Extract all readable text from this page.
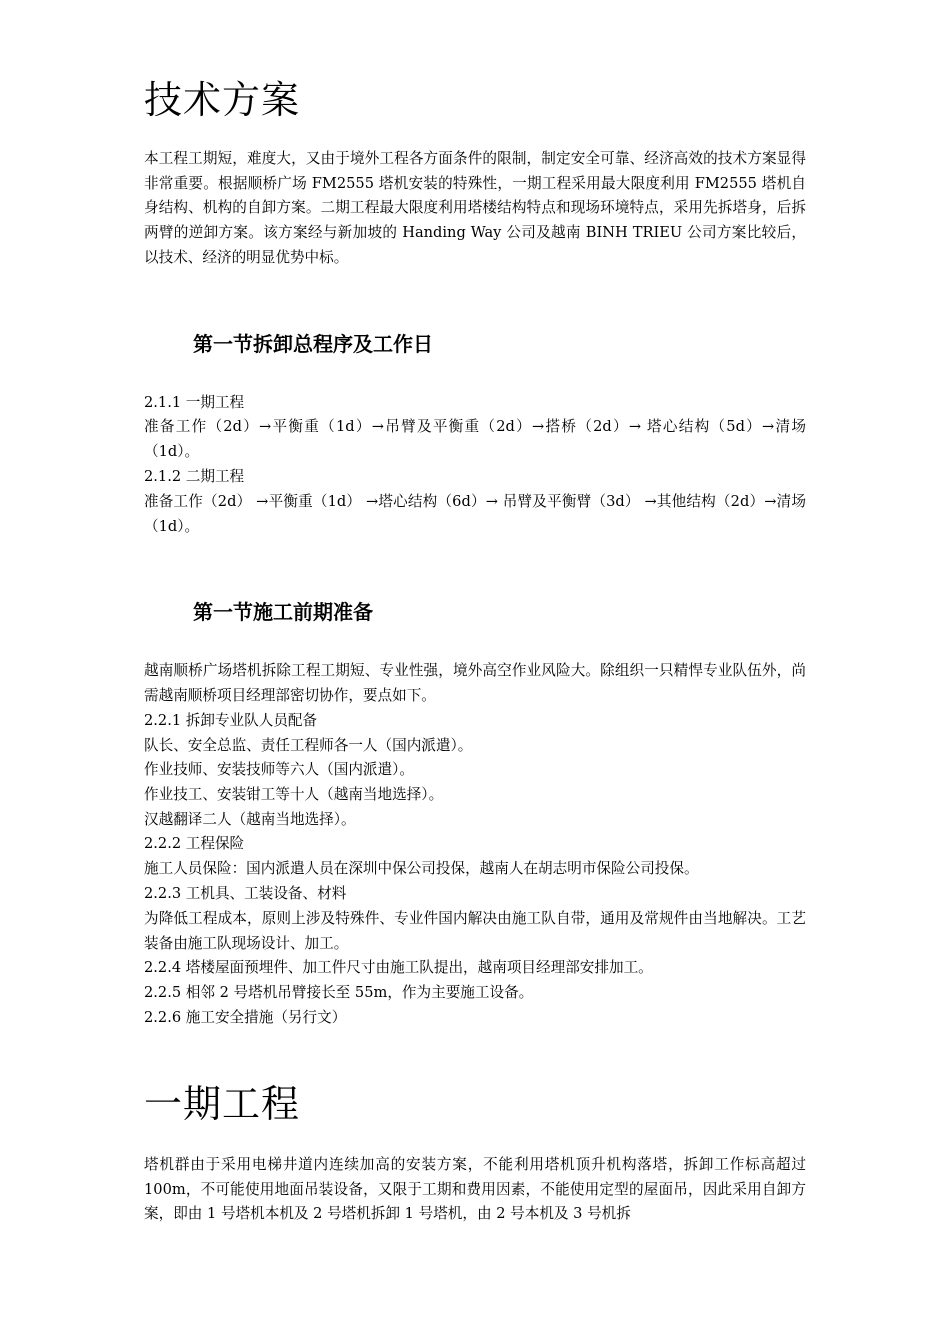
技术方案

本工程工期短，难度大，又由于境外工程各方面条件的限制，制定安全可靠、经济高效的技术方案显得非常重要。根据顺桥广场 FM2555 塔机安装的特殊性，一期工程采用最大限度利用 FM2555 塔机自身结构、机构的自卸方案。二期工程最大限度利用塔楼结构特点和现场环境特点，采用先拆塔身，后拆两臂的逆卸方案。该方案经与新加坡的 Handing Way 公司及越南 BINH TRIEU 公司方案比较后，以技术、经济的明显优势中标。

第一节拆卸总程序及工作日

2.1.1 一期工程

准备工作（2d）→平衡重（1d）→吊臂及平衡重（2d）→搭桥（2d）→ 塔心结构（5d）→清场（1d）。

2.1.2 二期工程

准备工作（2d） →平衡重（1d） →塔心结构（6d）→ 吊臂及平衡臂（3d） →其他结构（2d）→清场（1d）。

第一节施工前期准备

越南顺桥广场塔机拆除工程工期短、专业性强，境外高空作业风险大。除组织一只精悍专业队伍外，尚需越南顺桥项目经理部密切协作，要点如下。

2.2.1 拆卸专业队人员配备

队长、安全总监、责任工程师各一人（国内派遣）。

作业技师、安装技师等六人（国内派遣）。

作业技工、安装钳工等十人（越南当地选择）。

汉越翻译二人（越南当地选择）。

2.2.2 工程保险

施工人员保险：国内派遣人员在深圳中保公司投保，越南人在胡志明市保险公司投保。

2.2.3 工机具、工装设备、材料

为降低工程成本，原则上涉及特殊件、专业件国内解决由施工队自带，通用及常规件由当地解决。工艺装备由施工队现场设计、加工。

2.2.4 塔楼屋面预埋件、加工件尺寸由施工队提出，越南项目经理部安排加工。

2.2.5 相邻 2 号塔机吊臂接长至 55m，作为主要施工设备。

2.2.6 施工安全措施（另行文）

一期工程

塔机群由于采用电梯井道内连续加高的安装方案，不能利用塔机顶升机构落塔，拆卸工作标高超过 100m，不可能使用地面吊装设备，又限于工期和费用因素，不能使用定型的屋面吊，因此采用自卸方案，即由 1 号塔机本机及 2 号塔机拆卸 1 号塔机，由 2 号本机及 3 号机拆
